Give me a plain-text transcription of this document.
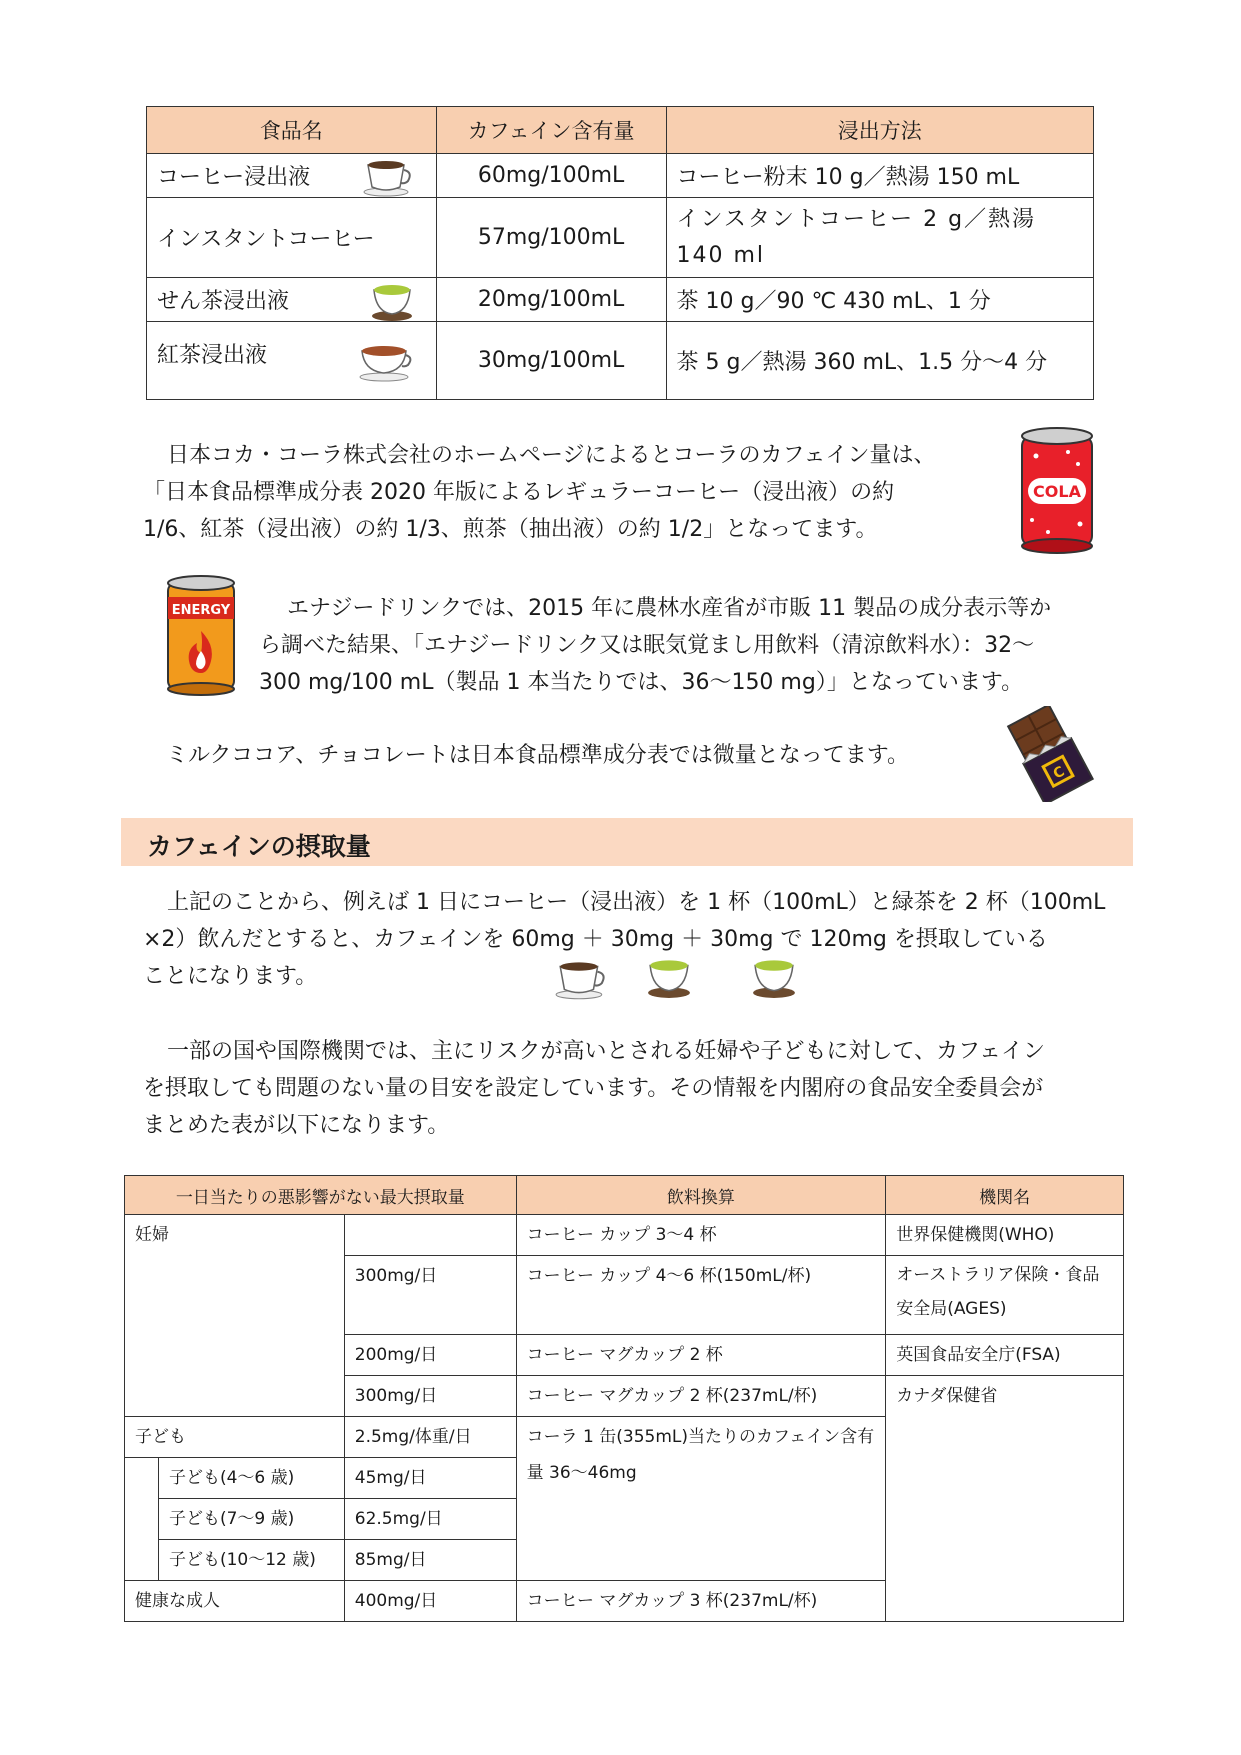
食品名	カフェイン含有量	浸出方法

コーヒー浸出液	60mg/100mL	コーヒー粉末 10 g／熱湯 150 mL

インスタントコーヒー	57mg/100mL	インスタントコーヒー 2 g／熱湯 140 ml

せん茶浸出液	20mg/100mL	茶 10 g／90 ℃ 430 mL、1 分

紅茶浸出液	30mg/100mL	茶 5 g／熱湯 360 mL、1.5 分～4 分
日本コカ・コーラ株式会社のホームページによるとコーラのカフェイン量は、
「日本食品標準成分表 2020 年版によるレギュラーコーヒー（浸出液）の約
1/6、紅茶（浸出液）の約 1/3、煎茶（抽出液）の約 1/2」となってます。
COLA
ENERGY	エナジードリンクでは、2015 年に農林水産省が市販 11 製品の成分表示等か
ら調べた結果、「エナジードリンク又は眠気覚まし用飲料（清涼飲料水）：32～
300 mg/100 mL（製品 1 本当たりでは、36～150 mg）」となっています。
ミルクココア、チョコレートは日本食品標準成分表では微量となってます。
C
カフェインの摂取量
上記のことから、例えば 1 日にコーヒー（浸出液）を 1 杯（100mL）と緑茶を 2 杯（100mL
×2）飲んだとすると、カフェインを 60mg ＋ 30mg ＋ 30mg で 120mg を摂取している
ことになります。
一部の国や国際機関では、主にリスクが高いとされる妊婦や子どもに対して、カフェイン
を摂取しても問題のない量の目安を設定しています。その情報を内閣府の食品安全委員会が
まとめた表が以下になります。
一日当たりの悪影響がない最大摂取量			飲料換算	機関名
妊婦			コーヒー カップ 3～4 杯	世界保健機関(WHO)
		300mg/日	コーヒー カップ 4～6 杯(150mL/杯)	オーストラリア保険・食品安全局(AGES)
		200mg/日	コーヒー マグカップ 2 杯	英国食品安全庁(FSA)
		300mg/日	コーヒー マグカップ 2 杯(237mL/杯)	カナダ保健省
子ども		2.5mg/体重/日	コーラ 1 缶(355mL)当たりのカフェイン含有量 36～46mg	
	子ども(4～6 歳)	45mg/日		
	子ども(7～9 歳)	62.5mg/日		
	子ども(10～12 歳)	85mg/日		
健康な成人		400mg/日	コーヒー マグカップ 3 杯(237mL/杯)	
